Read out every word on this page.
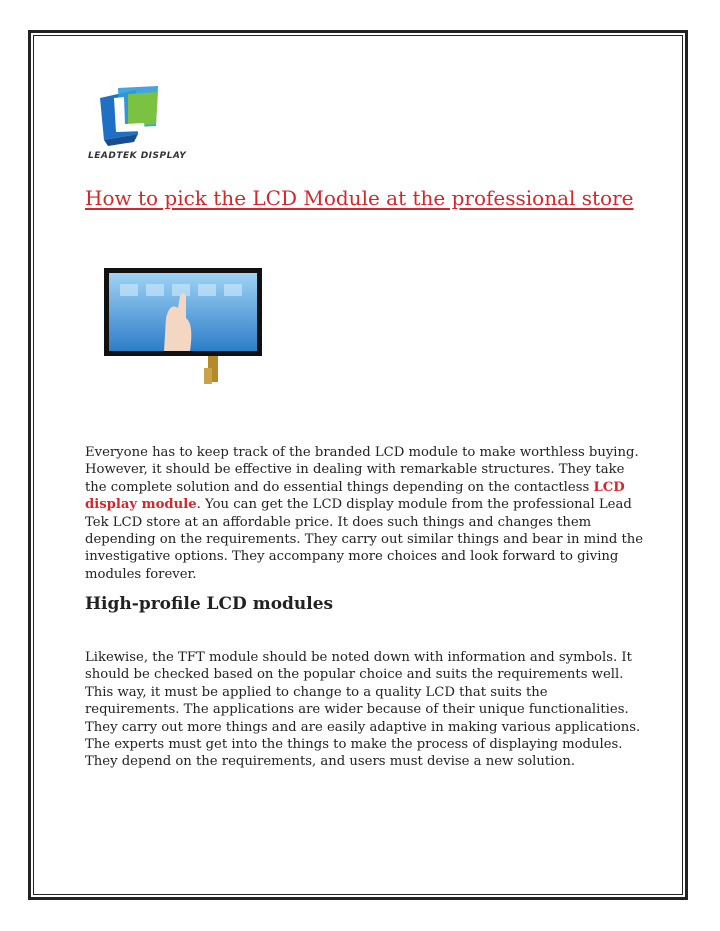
LEADTEK DISPLAY
How to pick the LCD Module at the professional store

Everyone has to keep track of the branded LCD module to make worthless buying. However, it should be effective in dealing with remarkable structures. They take the complete solution and do essential things depending on the contactless LCD display module. You can get the LCD display module from the professional Lead Tek LCD store at an affordable price. It does such things and changes them depending on the requirements. They carry out similar things and bear in mind the investigative options. They accompany more choices and look forward to giving modules forever.

High-profile LCD modules

Likewise, the TFT module should be noted down with information and symbols. It should be checked based on the popular choice and suits the requirements well. This way, it must be applied to change to a quality LCD that suits the requirements. The applications are wider because of their unique functionalities. They carry out more things and are easily adaptive in making various applications. The experts must get into the things to make the process of displaying modules. They depend on the requirements, and users must devise a new solution.
